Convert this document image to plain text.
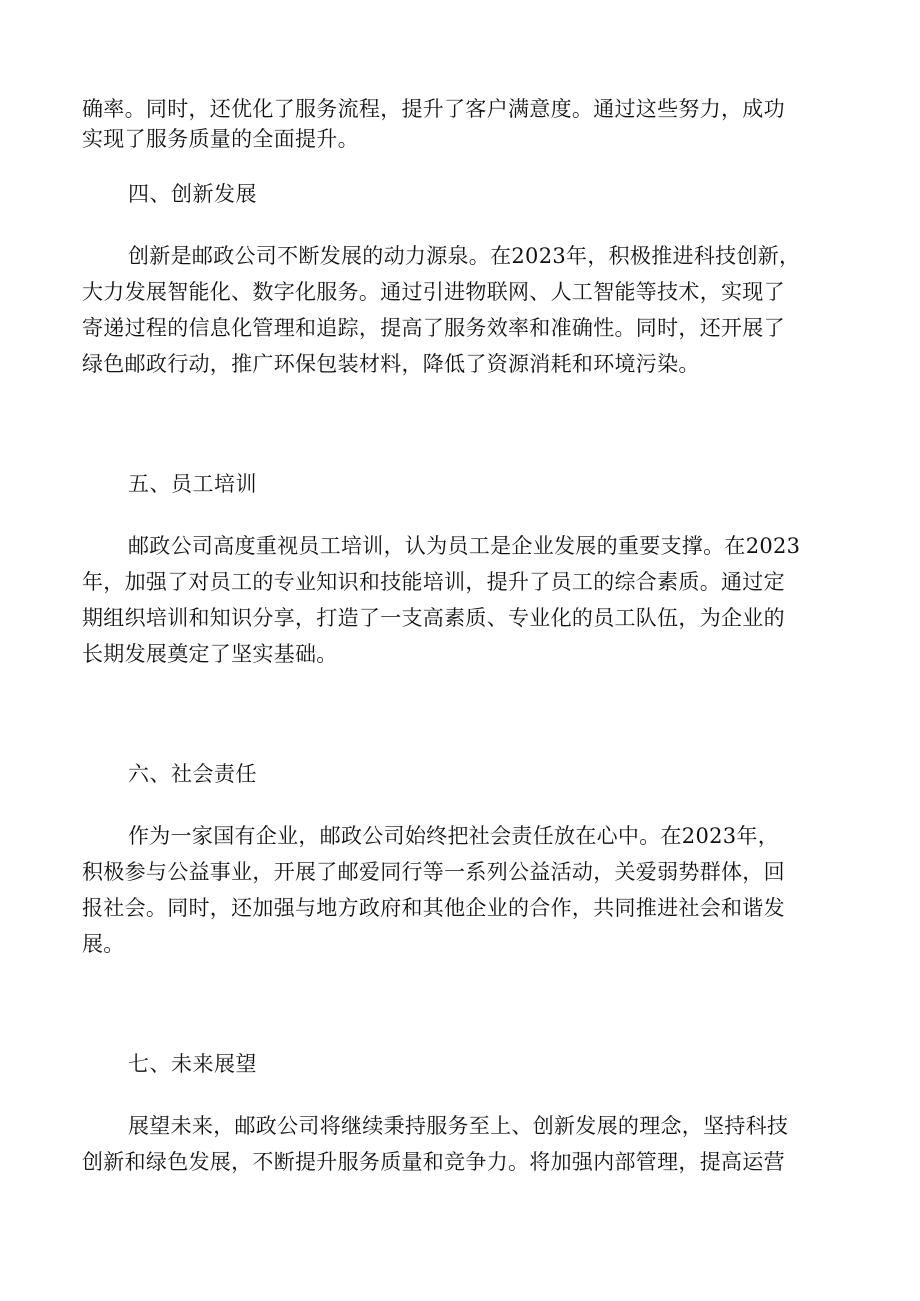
确率。同时，还优化了服务流程，提升了客户满意度。通过这些努力，成功
实现了服务质量的全面提升。

四、创新发展

创新是邮政公司不断发展的动力源泉。在2023年，积极推进科技创新，
大力发展智能化、数字化服务。通过引进物联网、人工智能等技术，实现了
寄递过程的信息化管理和追踪，提高了服务效率和准确性。同时，还开展了
绿色邮政行动，推广环保包装材料，降低了资源消耗和环境污染。

五、员工培训

邮政公司高度重视员工培训，认为员工是企业发展的重要支撑。在2023
年，加强了对员工的专业知识和技能培训，提升了员工的综合素质。通过定
期组织培训和知识分享，打造了一支高素质、专业化的员工队伍，为企业的
长期发展奠定了坚实基础。

六、社会责任

作为一家国有企业，邮政公司始终把社会责任放在心中。在2023年，
积极参与公益事业，开展了邮爱同行等一系列公益活动，关爱弱势群体，回
报社会。同时，还加强与地方政府和其他企业的合作，共同推进社会和谐发
展。

七、未来展望

展望未来，邮政公司将继续秉持服务至上、创新发展的理念，坚持科技
创新和绿色发展，不断提升服务质量和竞争力。将加强内部管理，提高运营
